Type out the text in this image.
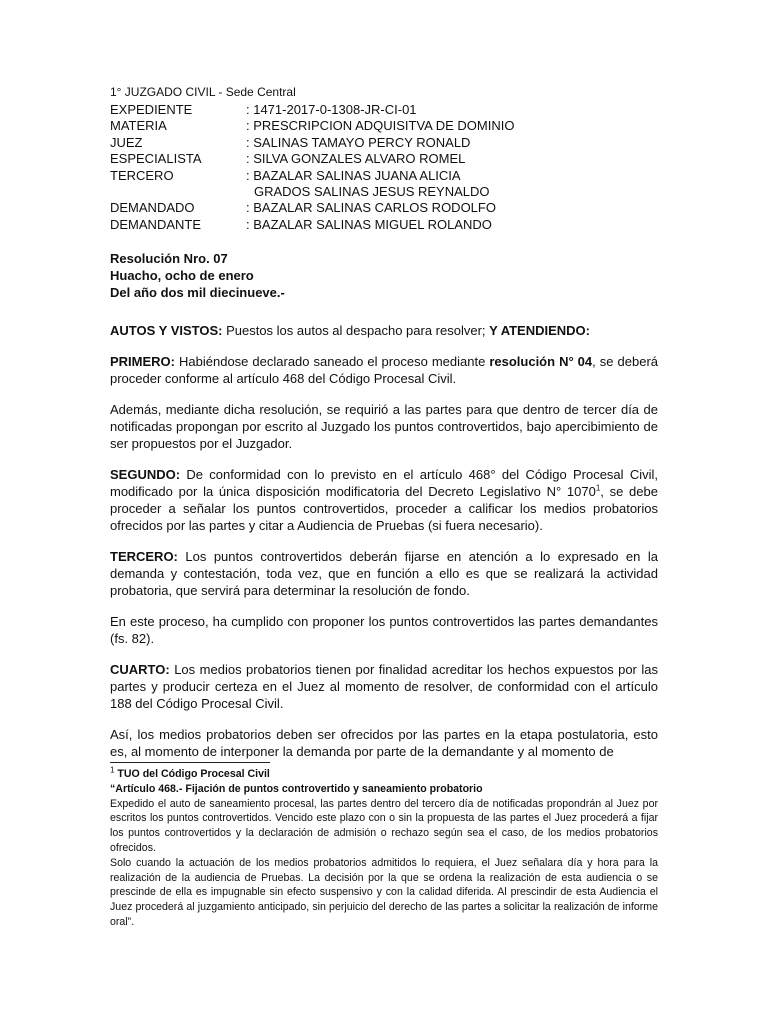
1° JUZGADO CIVIL - Sede Central
EXPEDIENTE	: 1471-2017-0-1308-JR-CI-01
MATERIA	: PRESCRIPCION ADQUISITVA DE DOMINIO
JUEZ	: SALINAS TAMAYO PERCY RONALD
ESPECIALISTA	: SILVA GONZALES ALVARO ROMEL
TERCERO	: BAZALAR SALINAS JUANA ALICIA
GRADOS SALINAS JESUS REYNALDO
DEMANDADO	: BAZALAR SALINAS CARLOS RODOLFO
DEMANDANTE	: BAZALAR SALINAS MIGUEL ROLANDO
Resolución Nro. 07
Huacho, ocho de enero
Del año dos mil diecinueve.-

AUTOS Y VISTOS: Puestos los autos al despacho para resolver; Y ATENDIENDO:

PRIMERO: Habiéndose declarado saneado el proceso mediante resolución N° 04, se deberá proceder conforme al artículo 468 del Código Procesal Civil.

Además, mediante dicha resolución, se requirió a las partes para que dentro de tercer día de notificadas propongan por escrito al Juzgado los puntos controvertidos, bajo apercibimiento de ser propuestos por el Juzgador.

SEGUNDO: De conformidad con lo previsto en el artículo 468° del Código Procesal Civil, modificado por la única disposición modificatoria del Decreto Legislativo N° 1070$^1$, se debe proceder a señalar los puntos controvertidos, proceder a calificar los medios probatorios ofrecidos por las partes y citar a Audiencia de Pruebas (si fuera necesario).

TERCERO: Los puntos controvertidos deberán fijarse en atención a lo expresado en la demanda y contestación, toda vez, que en función a ello es que se realizará la actividad probatoria, que servirá para determinar la resolución de fondo.

En este proceso, ha cumplido con proponer los puntos controvertidos las partes demandantes (fs. 82).

CUARTO: Los medios probatorios tienen por finalidad acreditar los hechos expuestos por las partes y producir certeza en el Juez al momento de resolver, de conformidad con el artículo 188 del Código Procesal Civil.

Así, los medios probatorios deben ser ofrecidos por las partes en la etapa postulatoria, esto es, al momento de interponer la demanda por parte de la demandante y al momento de

$^1$ TUO del Código Procesal Civil

“Artículo 468.- Fijación de puntos controvertido y saneamiento probatorio

Expedido el auto de saneamiento procesal, las partes dentro del tercero día de notificadas propondrán al Juez por escritos los puntos controvertidos. Vencido este plazo con o sin la propuesta de las partes el Juez procederá a fijar los puntos controvertidos y la declaración de admisión o rechazo según sea el caso, de los medios probatorios ofrecidos.

Solo cuando la actuación de los medios probatorios admitidos lo requiera, el Juez señalara día y hora para la realización de la audiencia de Pruebas. La decisión por la que se ordena la realización de esta audiencia o se prescinde de ella es impugnable sin efecto suspensivo y con la calidad diferida. Al prescindir de esta Audiencia el Juez procederá al juzgamiento anticipado, sin perjuicio del derecho de las partes a solicitar la realización de informe oral”.
